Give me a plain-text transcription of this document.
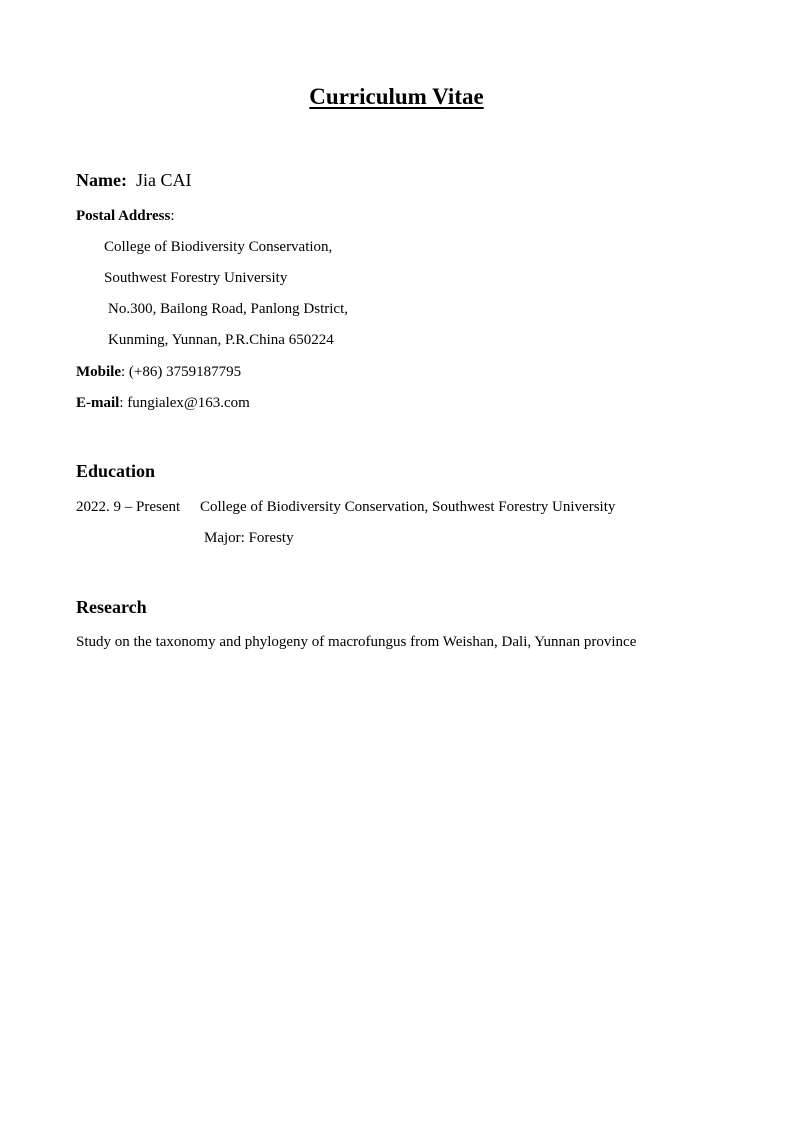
Curriculum Vitae
Name: Jia CAI
Postal Address:
College of Biodiversity Conservation,
Southwest Forestry University
No.300, Bailong Road, Panlong Dstrict,
Kunming, Yunnan, P.R.China 650224
Mobile: (+86) 3759187795
E-mail: fungialex@163.com
Education
2022. 9 – Present College of Biodiversity Conservation, Southwest Forestry University
Major: Foresty
Research
Study on the taxonomy and phylogeny of macrofungus from Weishan, Dali, Yunnan province
